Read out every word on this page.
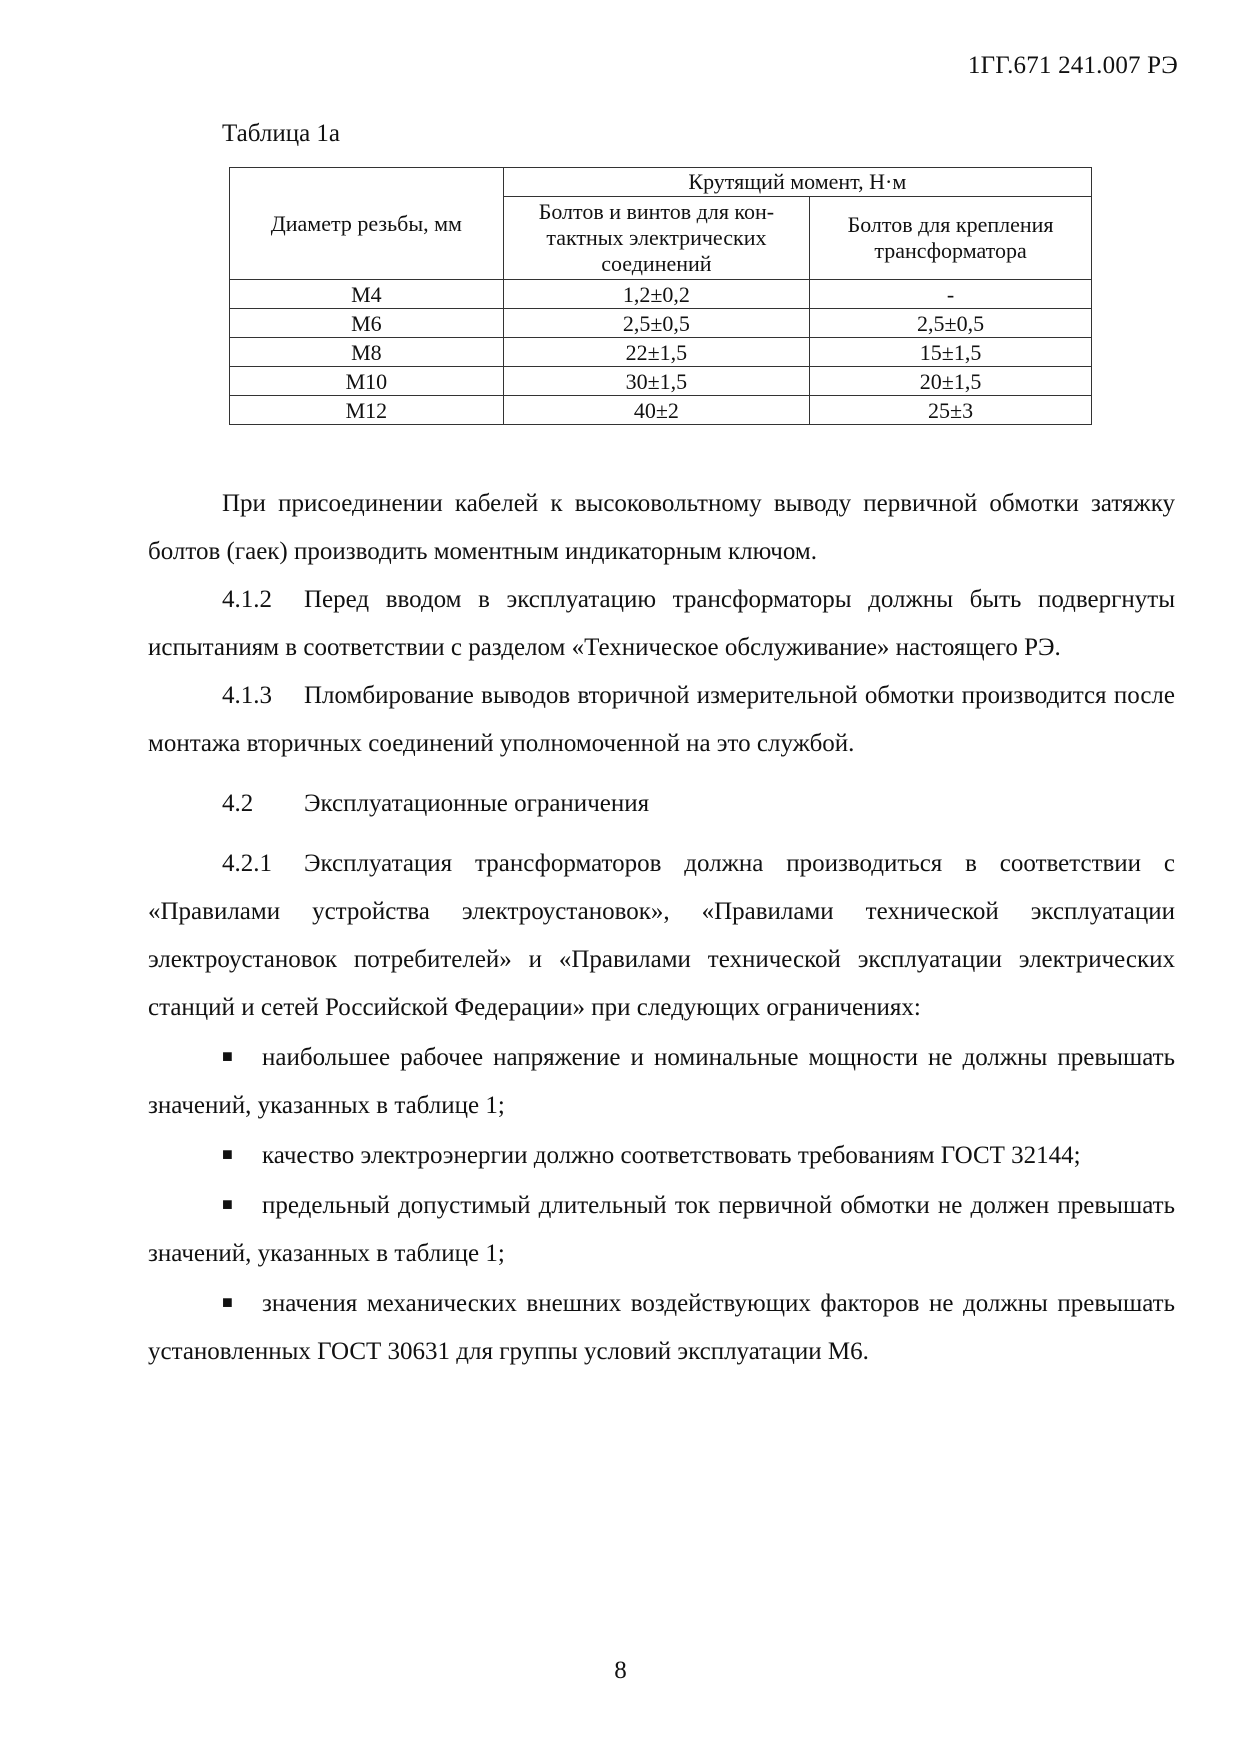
1ГГ.671 241.007 РЭ
Таблица 1а
Диаметр резьбы, мм	Крутящий момент, Н·м	
	Болтов и винтов для кон-тактных электрических соединений	Болтов для крепления трансформатора
М4	1,2±0,2	-
М6	2,5±0,5	2,5±0,5
М8	22±1,5	15±1,5
М10	30±1,5	20±1,5
М12	40±2	25±3

При присоединении кабелей к высоковольтному выводу первичной обмотки затяжку болтов (гаек) производить моментным индикаторным ключом.

4.1.2 Перед вводом в эксплуатацию трансформаторы должны быть подвергнуты испытаниям в соответствии с разделом «Техническое обслуживание» настоящего РЭ.

4.1.3 Пломбирование выводов вторичной измерительной обмотки производится после монтажа вторичных соединений уполномоченной на это службой.

4.2 Эксплуатационные ограничения

4.2.1 Эксплуатация трансформаторов должна производиться в соответствии с «Правилами устройства электроустановок», «Правилами технической эксплуатации электроустановок потребителей» и «Правилами технической эксплуатации электрических станций и сетей Российской Федерации» при следующих ограничениях:

■ наибольшее рабочее напряжение и номинальные мощности не должны превышать значений, указанных в таблице 1;

■ качество электроэнергии должно соответствовать требованиям ГОСТ 32144;

■ предельный допустимый длительный ток первичной обмотки не должен превышать значений, указанных в таблице 1;

■ значения механических внешних воздействующих факторов не должны превышать установленных ГОСТ 30631 для группы условий эксплуатации М6.

8
